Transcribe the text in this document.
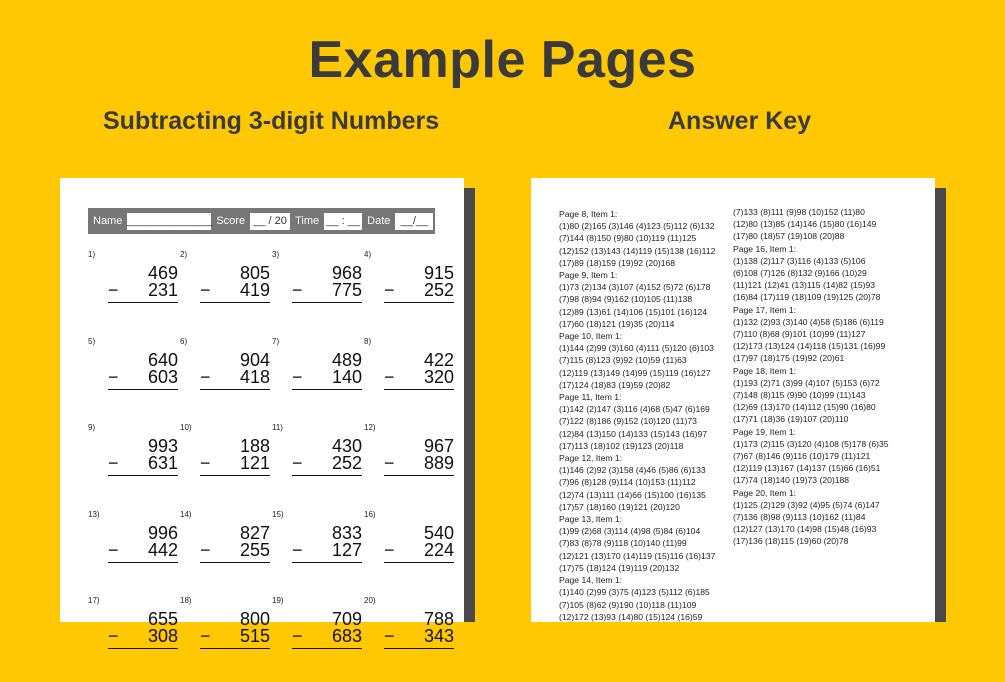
Example Pages
Subtracting 3-digit Numbers	Answer Key
Name ______________ Score __ / 20 Time __ : __ Date __/__
1)
469
− 231
2)
805
− 419
3)
968
− 775
4)
915
− 252
5)
640
− 603
6)
904
− 418
7)
489
− 140
8)
422
− 320
9)
993
− 631
10)
188
− 121
11)
430
− 252
12)
967
− 889
13)
996
− 442
14)
827
− 255
15)
833
− 127
16)
540
− 224
17)
655
− 308
18)
800
− 515
19)
709
− 683
20)
788
− 343
Page 8, Item 1:
(1)80 (2)165 (3)146 (4)123 (5)112 (6)132
(7)144 (8)150 (9)80 (10)119 (11)125
(12)152 (13)143 (14)119 (15)138 (16)112
(17)89 (18)159 (19)92 (20)168
Page 9, Item 1:
(1)73 (2)134 (3)107 (4)152 (5)72 (6)178
(7)98 (8)94 (9)162 (10)105 (11)138
(12)89 (13)61 (14)106 (15)101 (16)124
(17)60 (18)121 (19)35 (20)114
Page 10, Item 1:
(1)144 (2)99 (3)160 (4)111 (5)120 (6)103
(7)115 (8)123 (9)92 (10)59 (11)63
(12)119 (13)149 (14)99 (15)119 (16)127
(17)124 (18)83 (19)59 (20)82
Page 11, Item 1:
(1)142 (2)147 (3)116 (4)68 (5)47 (6)169
(7)122 (8)186 (9)152 (10)120 (11)73
(12)84 (13)150 (14)133 (15)143 (16)97
(17)113 (18)102 (19)123 (20)118
Page 12, Item 1:
(1)146 (2)92 (3)158 (4)46 (5)86 (6)133
(7)96 (8)128 (9)114 (10)153 (11)112
(12)74 (13)111 (14)66 (15)100 (16)135
(17)57 (18)160 (19)121 (20)120
Page 13, Item 1:
(1)99 (2)68 (3)114 (4)98 (5)84 (6)104
(7)83 (8)78 (9)118 (10)140 (11)99
(12)121 (13)170 (14)119 (15)116 (16)137
(17)75 (18)124 (19)119 (20)132
Page 14, Item 1:
(1)140 (2)99 (3)75 (4)123 (5)112 (6)185
(7)105 (8)62 (9)190 (10)118 (11)109
(12)172 (13)93 (14)80 (15)124 (16)59
(7)133 (8)111 (9)98 (10)152 (11)80
(12)80 (13)85 (14)146 (15)80 (16)149
(17)80 (18)57 (19)108 (20)88
Page 16, Item 1:
(1)138 (2)117 (3)116 (4)133 (5)106
(6)108 (7)126 (8)132 (9)166 (10)29
(11)121 (12)41 (13)115 (14)82 (15)93
(16)84 (17)119 (18)109 (19)125 (20)78
Page 17, Item 1:
(1)132 (2)93 (3)140 (4)58 (5)186 (6)119
(7)110 (8)68 (9)101 (10)99 (11)127
(12)173 (13)124 (14)118 (15)131 (16)99
(17)97 (18)175 (19)92 (20)61
Page 18, Item 1:
(1)193 (2)71 (3)99 (4)107 (5)153 (6)72
(7)148 (8)115 (9)90 (10)99 (11)143
(12)69 (13)170 (14)112 (15)90 (16)80
(17)71 (18)36 (19)107 (20)110
Page 19, Item 1:
(1)173 (2)115 (3)120 (4)108 (5)178 (6)35
(7)67 (8)146 (9)116 (10)179 (11)121
(12)119 (13)167 (14)137 (15)66 (16)51
(17)74 (18)140 (19)73 (20)188
Page 20, Item 1:
(1)125 (2)129 (3)92 (4)95 (5)74 (6)147
(7)136 (8)98 (9)113 (10)162 (11)84
(12)127 (13)170 (14)98 (15)48 (16)93
(17)136 (18)115 (19)60 (20)78
